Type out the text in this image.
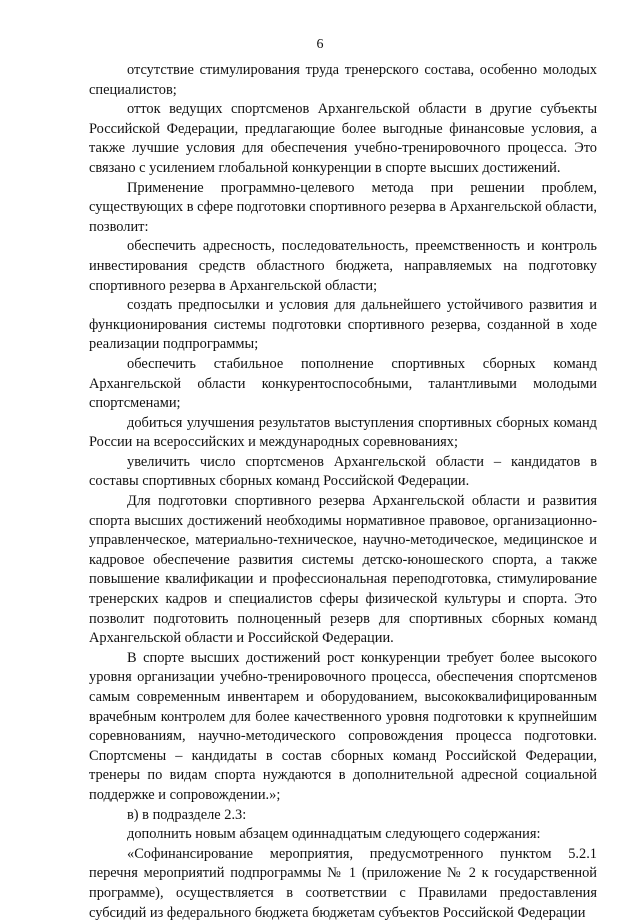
6

отсутствие стимулирования труда тренерского состава, особенно молодых специалистов;

отток ведущих спортсменов Архангельской области в другие субъекты Российской Федерации, предлагающие более выгодные финансовые условия, а также лучшие условия для обеспечения учебно-тренировочного процесса. Это связано с усилением глобальной конкуренции в спорте высших достижений.

Применение программно-целевого метода при решении проблем, существующих в сфере подготовки спортивного резерва в Архангельской области, позволит:

обеспечить адресность, последовательность, преемственность и контроль инвестирования средств областного бюджета, направляемых на подготовку спортивного резерва в Архангельской области;

создать предпосылки и условия для дальнейшего устойчивого развития и функционирования системы подготовки спортивного резерва, созданной в ходе реализации подпрограммы;

обеспечить стабильное пополнение спортивных сборных команд Архангельской области конкурентоспособными, талантливыми молодыми спортсменами;

добиться улучшения результатов выступления спортивных сборных команд России на всероссийских и международных соревнованиях;

увеличить число спортсменов Архангельской области – кандидатов в составы спортивных сборных команд Российской Федерации.

Для подготовки спортивного резерва Архангельской области и развития спорта высших достижений необходимы нормативное правовое, организационно-управленческое, материально-техническое, научно-методическое, медицинское и кадровое обеспечение развития системы детско-юношеского спорта, а также повышение квалификации и профессиональная переподготовка, стимулирование тренерских кадров и специалистов сферы физической культуры и спорта. Это позволит подготовить полноценный резерв для спортивных сборных команд Архангельской области и Российской Федерации.

В спорте высших достижений рост конкуренции требует более высокого уровня организации учебно-тренировочного процесса, обеспечения спортсменов самым современным инвентарем и оборудованием, высококвалифицированным врачебным контролем для более качественного уровня подготовки к крупнейшим соревнованиям, научно-методического сопровождения процесса подготовки. Спортсмены – кандидаты в состав сборных команд Российской Федерации, тренеры по видам спорта нуждаются в дополнительной адресной социальной поддержке и сопровождении.»;

в) в подразделе 2.3:

дополнить новым абзацем одиннадцатым следующего содержания:

«Софинансирование мероприятия, предусмотренного пунктом 5.2.1 перечня мероприятий подпрограммы № 1 (приложение № 2 к государственной программе), осуществляется в соответствии с Правилами предоставления субсидий из федерального бюджета бюджетам субъектов Российской Федерации
